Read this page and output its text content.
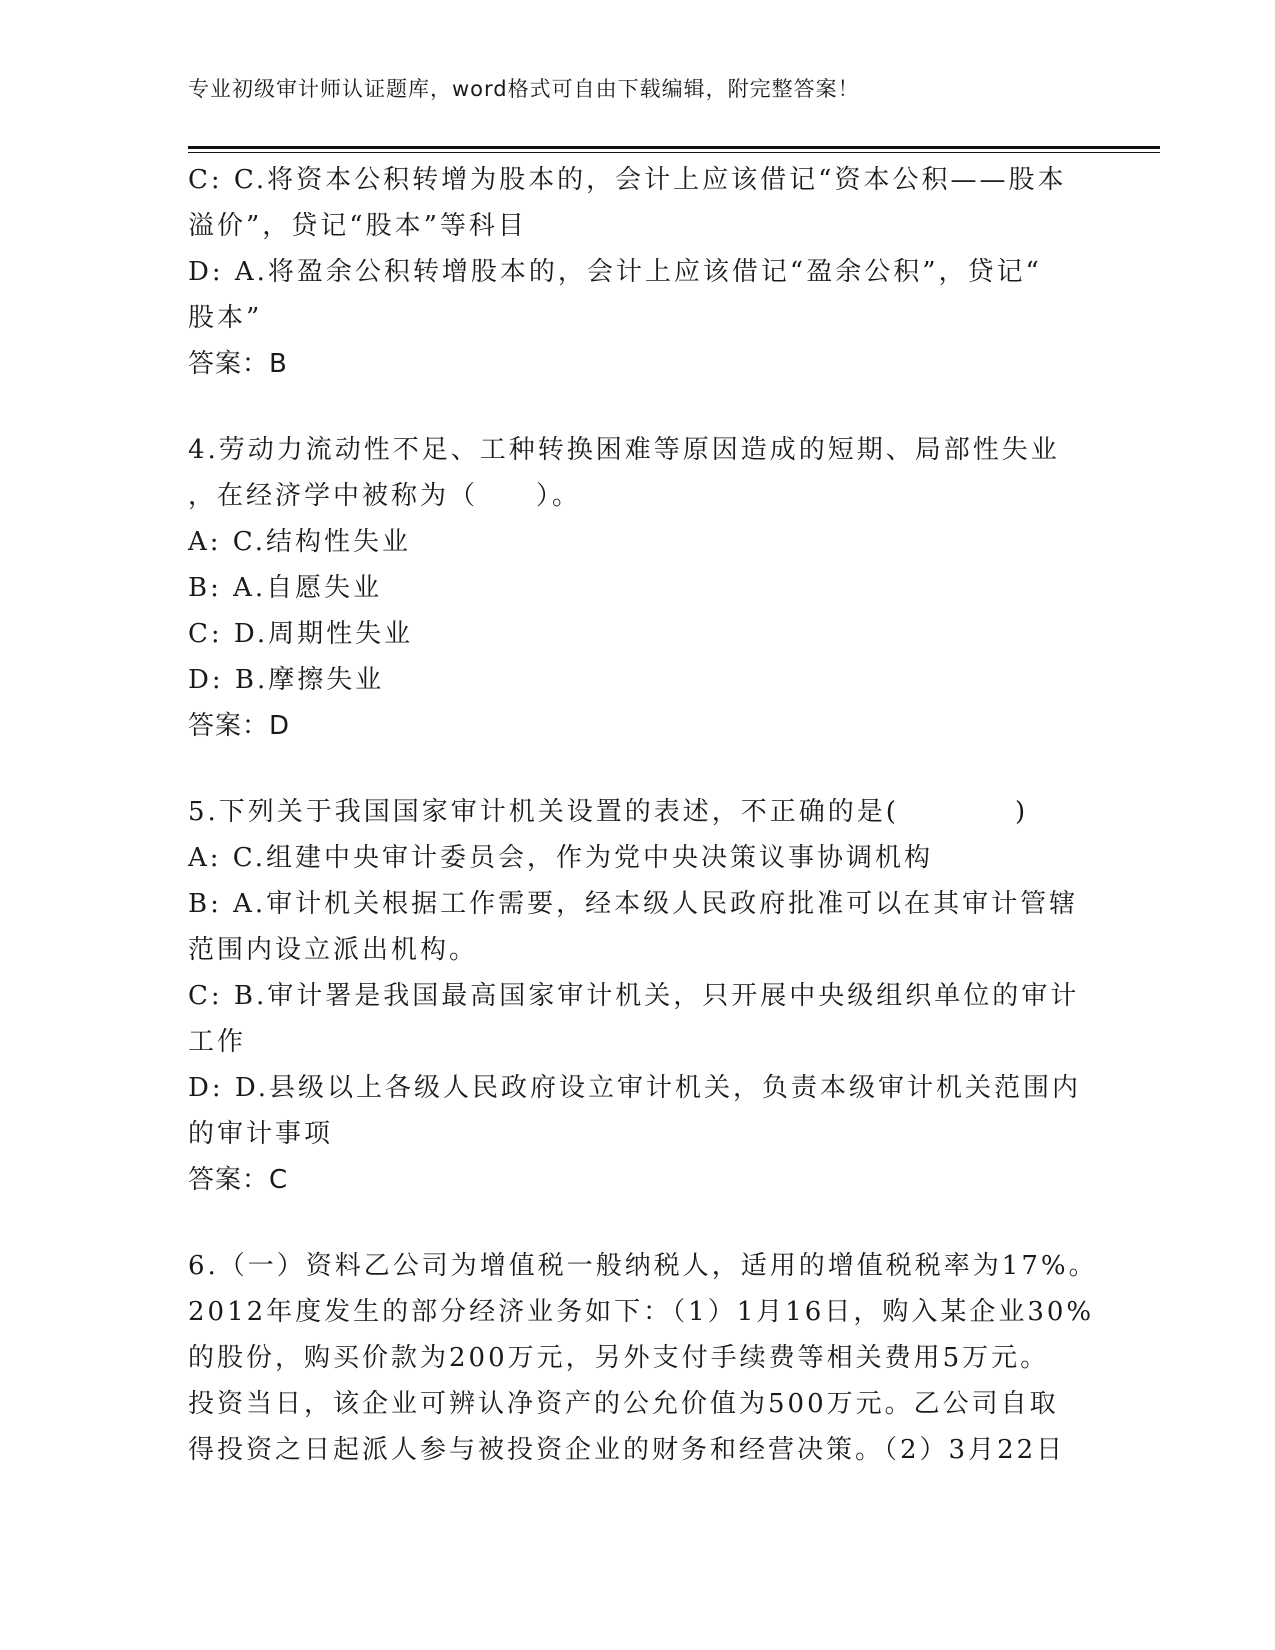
专业初级审计师认证题库，word格式可自由下载编辑，附完整答案！
C: C.将资本公积转增为股本的，会计上应该借记“资本公积——股本
溢价”，贷记“股本”等科目
D: A.将盈余公积转增股本的，会计上应该借记“盈余公积”，贷记“
股本”
答案：B
4.劳动力流动性不足、工种转换困难等原因造成的短期、局部性失业
，在经济学中被称为（　　）。
A: C.结构性失业
B: A.自愿失业
C: D.周期性失业
D: B.摩擦失业
答案：D
5.下列关于我国国家审计机关设置的表述，不正确的是(　　　　)
A: C.组建中央审计委员会，作为党中央决策议事协调机构
B: A.审计机关根据工作需要，经本级人民政府批准可以在其审计管辖
范围内设立派出机构。
C: B.审计署是我国最高国家审计机关，只开展中央级组织单位的审计
工作
D: D.县级以上各级人民政府设立审计机关，负责本级审计机关范围内
的审计事项
答案：C
6.（一）资料乙公司为增值税一般纳税人，适用的增值税税率为17%。
2012年度发生的部分经济业务如下：（1）1月16日，购入某企业30%
的股份，购买价款为200万元，另外支付手续费等相关费用5万元。
投资当日，该企业可辨认净资产的公允价值为500万元。乙公司自取
得投资之日起派人参与被投资企业的财务和经营决策。（2）3月22日
